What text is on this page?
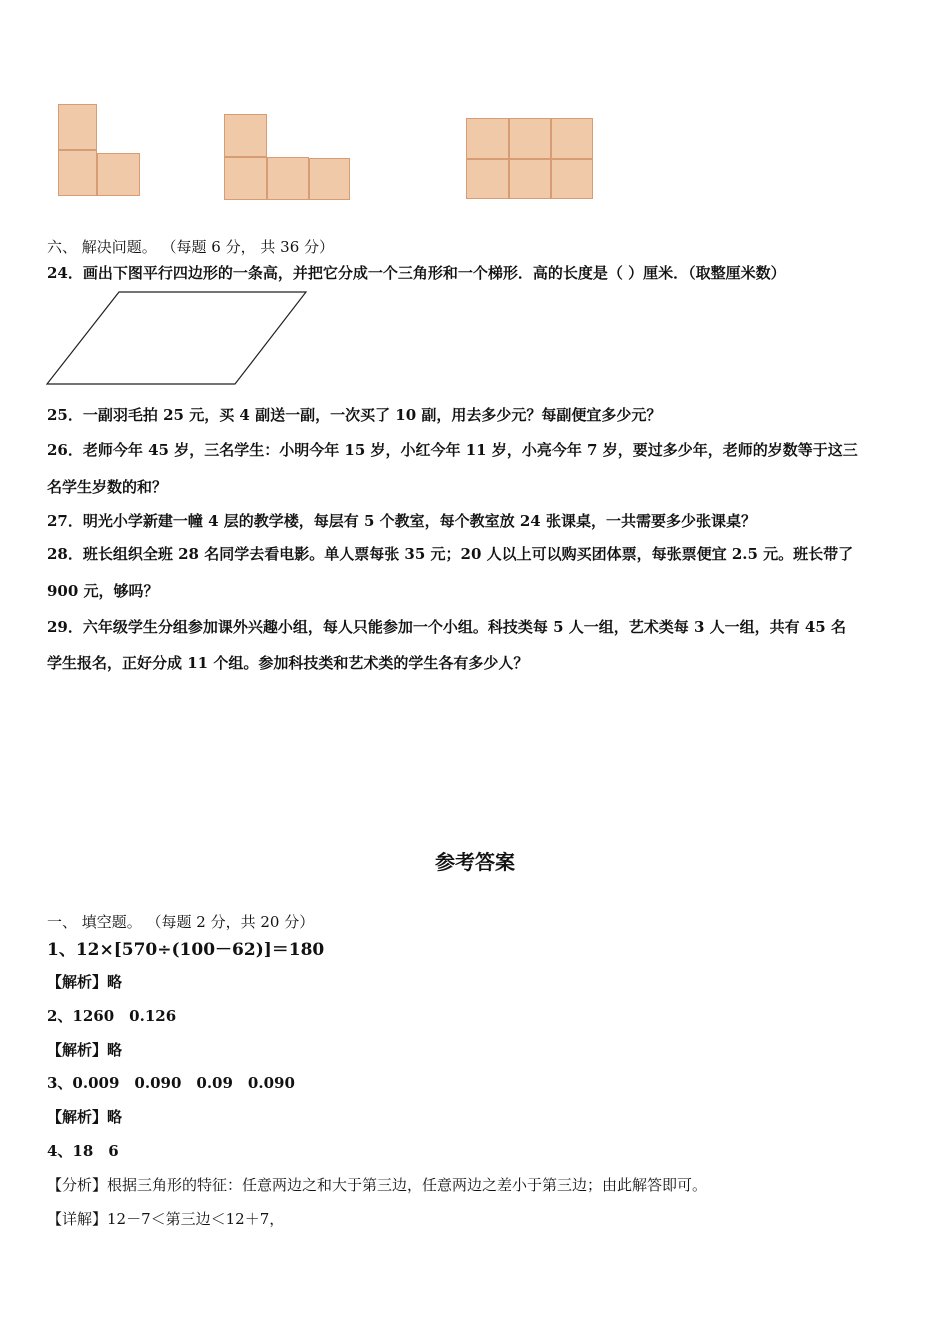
六、 解决问题。 （每题 6 分， 共 36 分）
24．画出下图平行四边形的一条高，并把它分成一个三角形和一个梯形．高的长度是（ ）厘米．（取整厘米数）
25．一副羽毛拍 25 元，买 4 副送一副，一次买了 10 副，用去多少元？每副便宜多少元？
26．老师今年 45 岁，三名学生：小明今年 15 岁，小红今年 11 岁，小亮今年 7 岁，要过多少年，老师的岁数等于这三
名学生岁数的和？
27．明光小学新建一幢 4 层的教学楼，每层有 5 个教室，每个教室放 24 张课桌，一共需要多少张课桌？
28．班长组织全班 28 名同学去看电影。单人票每张 35 元；20 人以上可以购买团体票，每张票便宜 2.5 元。班长带了
900 元，够吗？
29．六年级学生分组参加课外兴趣小组，每人只能参加一个小组。科技类每 5 人一组，艺术类每 3 人一组，共有 45 名
学生报名，正好分成 11 个组。参加科技类和艺术类的学生各有多少人？
参考答案
一、 填空题。 （每题 2 分，共 20 分）
1、12×[570÷(100－62)]＝180
【解析】略
2、1260　0.126
【解析】略
3、0.009　0.090　0.09　0.090
【解析】略
4、18　6
【分析】根据三角形的特征：任意两边之和大于第三边，任意两边之差小于第三边；由此解答即可。
【详解】12－7＜第三边＜12＋7，
